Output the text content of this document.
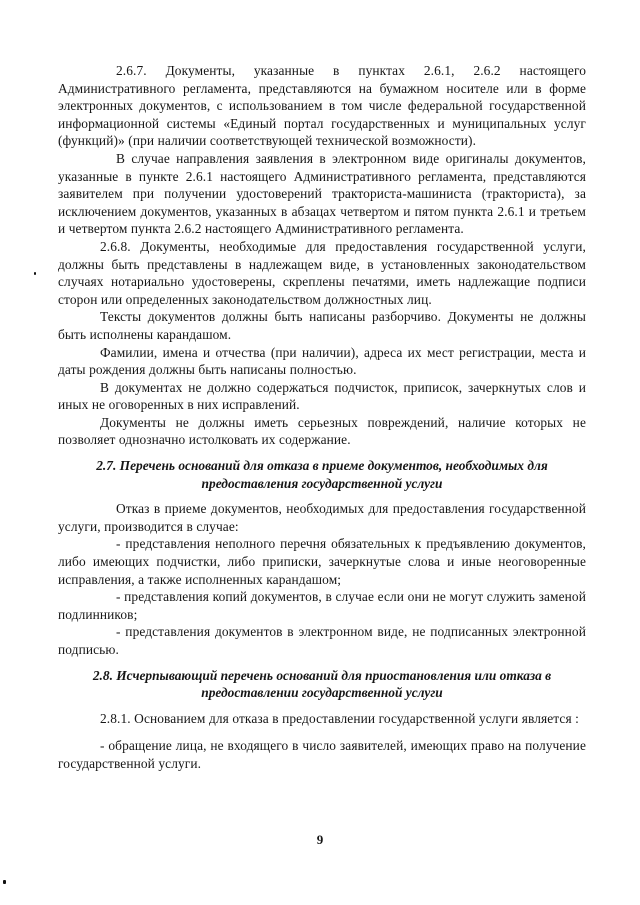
2.6.7. Документы, указанные в пунктах 2.6.1, 2.6.2 настоящего Административного регламента, представляются на бумажном носителе или в форме электронных документов, с использованием в том числе федеральной государственной информационной системы «Единый портал государственных и муниципальных услуг (функций)» (при наличии соответствующей технической возможности).

В случае направления заявления в электронном виде оригиналы документов, указанные в пункте 2.6.1 настоящего Административного регламента, представляются заявителем при получении удостоверений тракториста-машиниста (тракториста), за исключением документов, указанных в абзацах четвертом и пятом пункта 2.6.1 и третьем и четвертом пункта 2.6.2 настоящего Административного регламента.

2.6.8. Документы, необходимые для предоставления государственной услуги, должны быть представлены в надлежащем виде, в установленных законодательством случаях нотариально удостоверены, скреплены печатями, иметь надлежащие подписи сторон или определенных законодательством должностных лиц.

Тексты документов должны быть написаны разборчиво. Документы не должны быть исполнены карандашом.

Фамилии, имена и отчества (при наличии), адреса их мест регистрации, места и даты рождения должны быть написаны полностью.

В документах не должно содержаться подчисток, приписок, зачеркнутых слов и иных не оговоренных в них исправлений.

Документы не должны иметь серьезных повреждений, наличие которых не позволяет однозначно истолковать их содержание.

2.7. Перечень оснований для отказа в приеме документов, необходимых для предоставления государственной услуги

Отказ в приеме документов, необходимых для предоставления государственной услуги, производится в случае:

- представления неполного перечня обязательных к предъявлению документов, либо имеющих подчистки, либо приписки, зачеркнутые слова и иные неоговоренные исправления, а также исполненных карандашом;

- представления копий документов, в случае если они не могут служить заменой подлинников;

- представления документов в электронном виде, не подписанных электронной подписью.

2.8. Исчерпывающий перечень оснований для приостановления или отказа в предоставлении государственной услуги

2.8.1. Основанием для отказа в предоставлении государственной услуги является :

- обращение лица, не входящего в число заявителей, имеющих право на получение государственной услуги.

9
